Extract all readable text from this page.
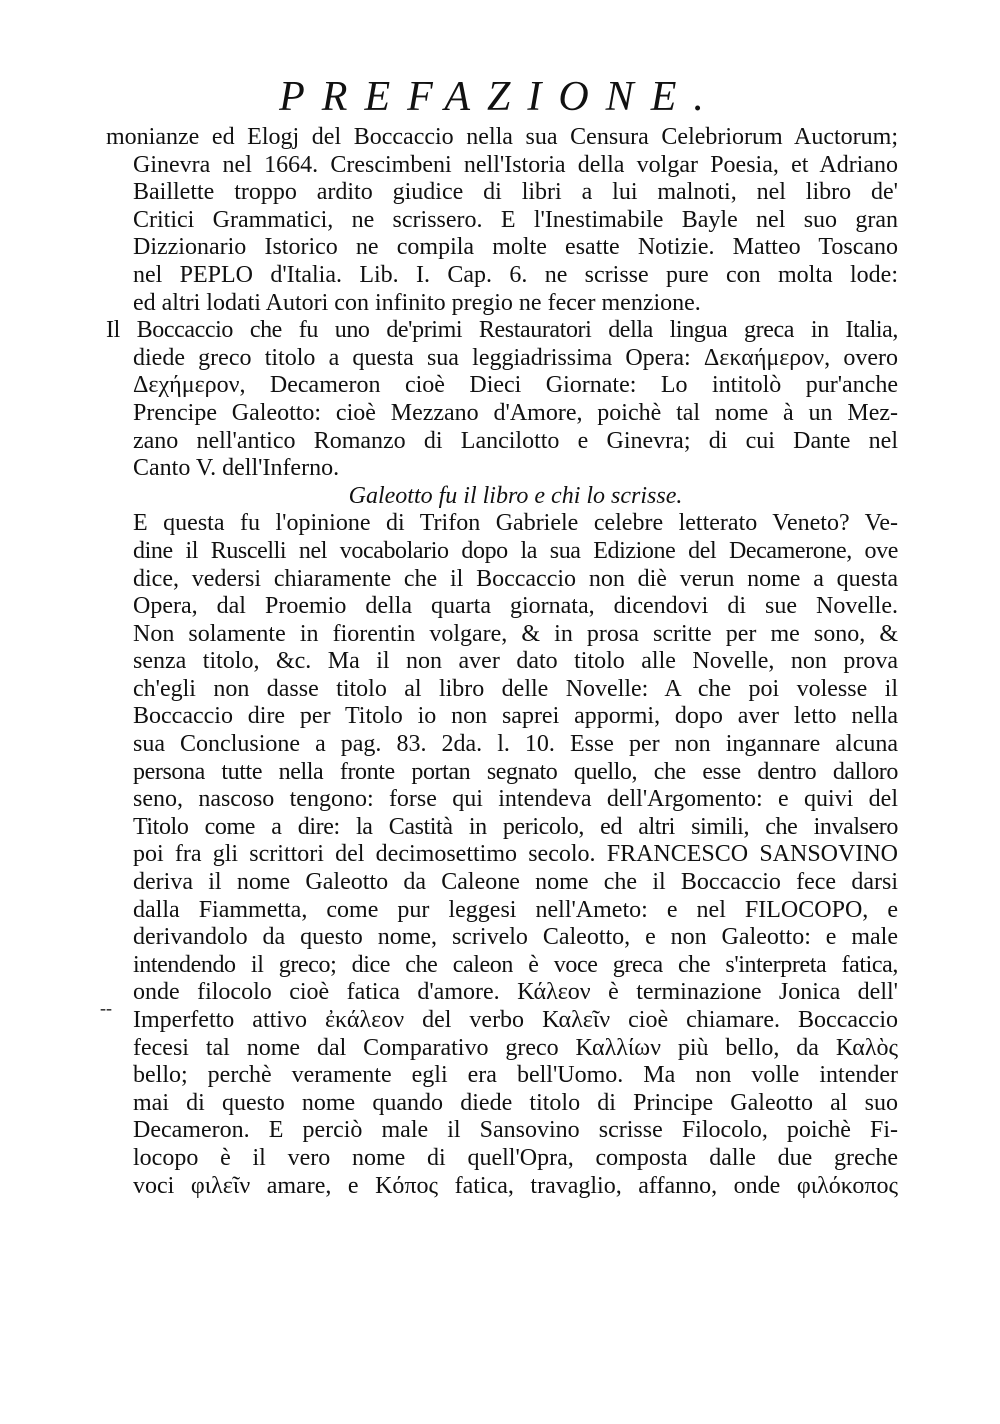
PREFAZIONE.
--
monianze ed Elogj del Boccaccio nella sua Censura Celebriorum Auctorum;
Ginevra nel 1664. Crescimbeni nell'Istoria della volgar Poesia, et Adriano
Baillette troppo ardito giudice di libri a lui malnoti, nel libro de'
Critici Grammatici, ne scrissero. E l'Inestimabile Bayle nel suo gran
Dizzionario Istorico ne compila molte esatte Notizie. Matteo Toscano
nel PEPLO d'Italia. Lib. I. Cap. 6. ne scrisse pure con molta lode:
ed altri lodati Autori con infinito pregio ne fecer menzione.
Il Boccaccio che fu uno de'primi Restauratori della lingua greca in Italia,
diede greco titolo a questa sua leggiadrissima Opera: Δεκαήμερον, overo
Δεχήμερον, Decameron cioè Dieci Giornate: Lo intitolò pur'anche
Prencipe Galeotto: cioè Mezzano d'Amore, poichè tal nome à un Mez-
zano nell'antico Romanzo di Lancilotto e Ginevra; di cui Dante nel
Canto V. dell'Inferno.
Galeotto fu il libro e chi lo scrisse.
E questa fu l'opinione di Trifon Gabriele celebre letterato Veneto? Ve-
dine il Ruscelli nel vocabolario dopo la sua Edizione del Decamerone, ove
dice, vedersi chiaramente che il Boccaccio non diè verun nome a questa
Opera, dal Proemio della quarta giornata, dicendovi di sue Novelle.
Non solamente in fiorentin volgare, & in prosa scritte per me sono, &
senza titolo, &c. Ma il non aver dato titolo alle Novelle, non prova
ch'egli non dasse titolo al libro delle Novelle: A che poi volesse il
Boccaccio dire per Titolo io non saprei appormi, dopo aver letto nella
sua Conclusione a pag. 83. 2da. l. 10. Esse per non ingannare alcuna
persona tutte nella fronte portan segnato quello, che esse dentro dalloro
seno, nascoso tengono: forse qui intendeva dell'Argomento: e quivi del
Titolo come a dire: la Castità in pericolo, ed altri simili, che invalsero
poi fra gli scrittori del decimosettimo secolo. FRANCESCO SANSOVINO
deriva il nome Galeotto da Caleone nome che il Boccaccio fece darsi
dalla Fiammetta, come pur leggesi nell'Ameto: e nel FILOCOPO, e
derivandolo da questo nome, scrivelo Caleotto, e non Galeotto: e male
intendendo il greco; dice che caleon è voce greca che s'interpreta fatica,
onde filocolo cioè fatica d'amore. Κάλεον è terminazione Jonica dell'
Imperfetto attivo ἐκάλεον del verbo Καλεῖν cioè chiamare. Boccaccio
fecesi tal nome dal Comparativo greco Καλλίων più bello, da Καλὸς
bello; perchè veramente egli era bell'Uomo. Ma non volle intender
mai di questo nome quando diede titolo di Principe Galeotto al suo
Decameron. E perciò male il Sansovino scrisse Filocolo, poichè Fi-
locopo è il vero nome di quell'Opra, composta dalle due greche
voci φιλεῖν amare, e Κόπος fatica, travaglio, affanno, onde φιλόκοπος
